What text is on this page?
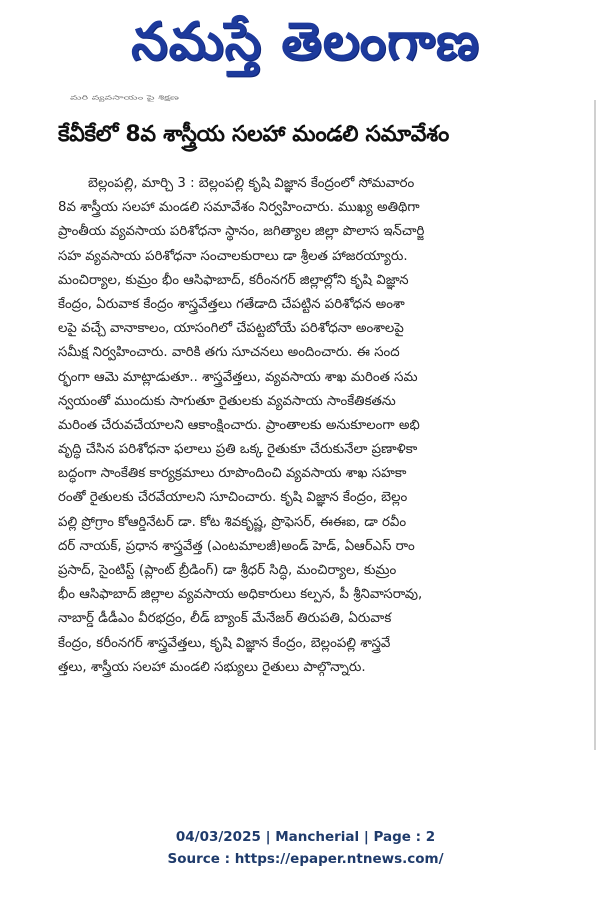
నమస్తే తెలంగాణ
మరి వ్యవసాయం పై శిక్షణ
కేవీకేలో 8వ శాస్త్రీయ సలహా మండలి సమావేశం
బెల్లంపల్లి, మార్చి 3 : బెల్లంపల్లి కృషి విజ్ఞాన కేంద్రంలో సోమవారం
8వ శాస్త్రీయ సలహా మండలి సమావేశం నిర్వహించారు. ముఖ్య అతిథిగా
ప్రాంతీయ వ్యవసాయ పరిశోధనా స్థానం, జగిత్యాల జిల్లా పొలాస ఇన్‌చార్జి
సహ వ్యవసాయ పరిశోధనా సంచాలకురాలు డా శ్రీలత హాజరయ్యారు.
మంచిర్యాల, కుమ్రం భీం ఆసిఫాబాద్, కరీంనగర్ జిల్లాల్లోని కృషి విజ్ఞాన
కేంద్రం, ఏరువాక కేంద్రం శాస్త్రవేత్తలు గతేడాది చేపట్టిన పరిశోధన అంశా
లపై వచ్చే వానాకాలం, యాసంగిలో చేపట్టబోయే పరిశోధనా అంశాలపై
సమీక్ష నిర్వహించారు. వారికి తగు సూచనలు అందించారు. ఈ సంద
ర్భంగా ఆమె మాట్లాడుతూ.. శాస్త్రవేత్తలు, వ్యవసాయ శాఖ మరింత సమ
న్వయంతో ముందుకు సాగుతూ రైతులకు వ్యవసాయ సాంకేతికతను
మరింత చేరువచేయాలని ఆకాంక్షించారు. ప్రాంతాలకు అనుకూలంగా అభి
వృద్ధి చేసిన పరిశోధనా ఫలాలు ప్రతి ఒక్క రైతుకూ చేరుకునేలా ప్రణాళికా
బద్ధంగా సాంకేతిక కార్యక్రమాలు రూపొందించి వ్యవసాయ శాఖ సహకా
రంతో రైతులకు చేరవేయాలని సూచించారు. కృషి విజ్ఞాన కేంద్రం, బెల్లం
పల్లి ప్రోగ్రాం కోఆర్డినేటర్ డా. కోట శివకృష్ణ, ప్రొఫెసర్, ఈఈఐ, డా రవీం
దర్ నాయక్, ప్రధాన శాస్త్రవేత్త (ఎంటమాలజీ)అండ్ హెడ్, ఏఆర్ఎస్ రాం
ప్రసాద్, సైంటిస్ట్ (ప్లాంట్ బ్రీడింగ్) డా శ్రీధర్ సిద్ధి, మంచిర్యాల, కుమ్రం
భీం ఆసిఫాబాద్ జిల్లాల వ్యవసాయ అధికారులు కల్పన, పీ శ్రీనివాసరావు,
నాబార్డ్ డీడీఎం వీరభద్రం, లీడ్ బ్యాంక్ మేనేజర్ తిరుపతి, ఏరువాక
కేంద్రం, కరీంనగర్ శాస్త్రవేత్తలు, కృషి విజ్ఞాన కేంద్రం, బెల్లంపల్లి శాస్త్రవే
త్తలు, శాస్త్రీయ సలహా మండలి సభ్యులు రైతులు పాల్గొన్నారు.
04/03/2025 | Mancherial | Page : 2
Source : https://epaper.ntnews.com/
